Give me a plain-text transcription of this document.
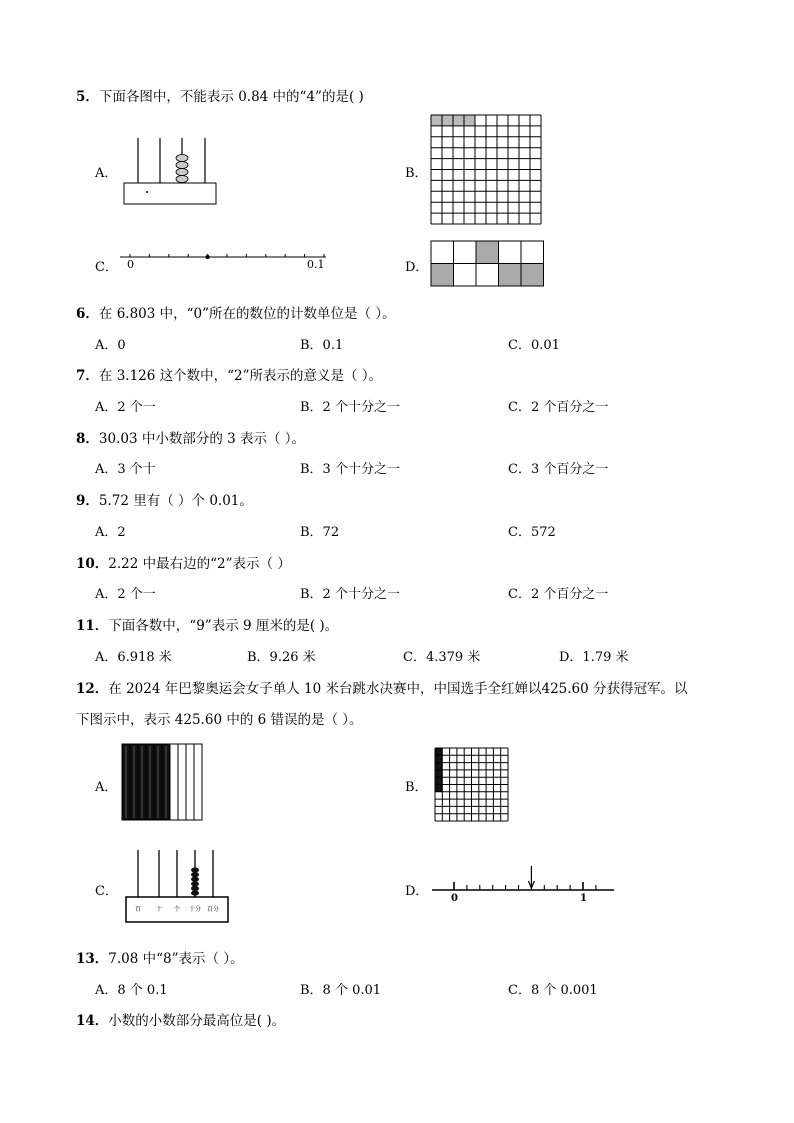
5．下面各图中，不能表示 0.84 中的“4”的是( )
A．	B．
C． 0	0.1	D．
6．在 6.803 中，“0”所在的数位的计数单位是（ ）。
A．0	B．0.1	C．0.01
7．在 3.126 这个数中，“2”所表示的意义是（ ）。
A．2 个一	B．2 个十分之一	C．2 个百分之一
8．30.03 中小数部分的 3 表示（ ）。
A．3 个十	B．3 个十分之一	C．3 个百分之一
9．5.72 里有（ ）个 0.01。
A．2	B．72	C．572
10．2.22 中最右边的“2”表示（ ）
A．2 个一	B．2 个十分之一	C．2 个百分之一
11．下面各数中，“9”表示 9 厘米的是( )。
A．6.918 米	B．9.26 米	C．4.379 米	D．1.79 米
12．在 2024 年巴黎奥运会女子单人 10 米台跳水决赛中，中国选手全红婵以425.60 分获得冠军。以
下图示中，表示 425.60 中的 6 错误的是（ ）。
A．	B．
C．
百 十 个 十分 百分
D． 0	1
13．7.08 中“8”表示（ ）。
A．8 个 0.1	B．8 个 0.01	C．8 个 0.001
14．小数的小数部分最高位是( )。
